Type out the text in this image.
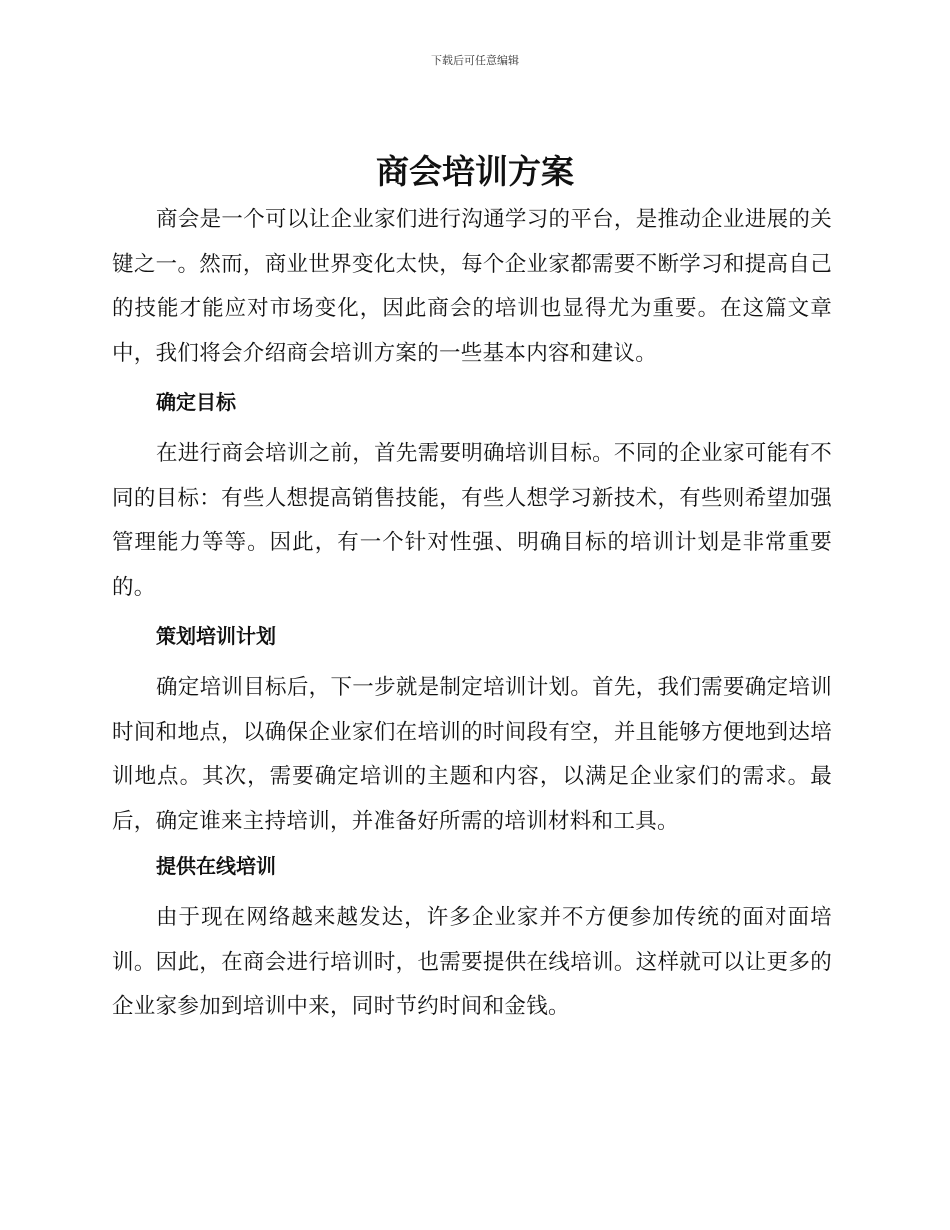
下载后可任意编辑
商会培训方案

商会是一个可以让企业家们进行沟通学习的平台，是推动企业进展的关键之一。然而，商业世界变化太快，每个企业家都需要不断学习和提高自己的技能才能应对市场变化，因此商会的培训也显得尤为重要。在这篇文章中，我们将会介绍商会培训方案的一些基本内容和建议。

确定目标

在进行商会培训之前，首先需要明确培训目标。不同的企业家可能有不同的目标：有些人想提高销售技能，有些人想学习新技术，有些则希望加强管理能力等等。因此，有一个针对性强、明确目标的培训计划是非常重要的。

策划培训计划

确定培训目标后，下一步就是制定培训计划。首先，我们需要确定培训时间和地点，以确保企业家们在培训的时间段有空，并且能够方便地到达培训地点。其次，需要确定培训的主题和内容，以满足企业家们的需求。最后，确定谁来主持培训，并准备好所需的培训材料和工具。

提供在线培训

由于现在网络越来越发达，许多企业家并不方便参加传统的面对面培训。因此，在商会进行培训时，也需要提供在线培训。这样就可以让更多的企业家参加到培训中来，同时节约时间和金钱。
